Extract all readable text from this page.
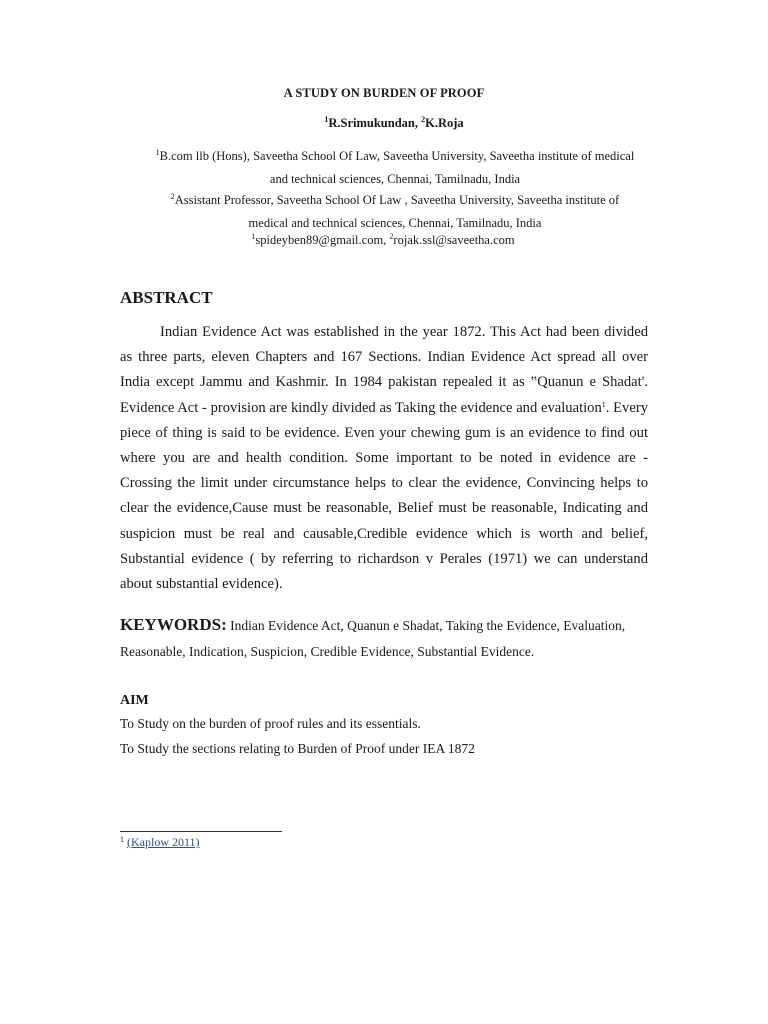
A STUDY ON BURDEN OF PROOF
$^1$R.Srimukundan, $^2$K.Roja
$^1$B.com llb (Hons), Saveetha School Of Law, Saveetha University, Saveetha institute of medical
and technical sciences, Chennai, Tamilnadu, India
$^2$Assistant Professor, Saveetha School Of Law , Saveetha University, Saveetha institute of
medical and technical sciences, Chennai, Tamilnadu, India
$^1$spideyben89@gmail.com, $^2$rojak.ssl@saveetha.com
ABSTRACT
Indian Evidence Act was established in the year 1872. This Act had been divided as three parts, eleven Chapters and 167 Sections. Indian Evidence Act spread all over India except Jammu and Kashmir. In 1984 pakistan repealed it as ‟Quanun e Shadat'. Evidence Act - provision are kindly divided as Taking the evidence and evaluation$^1$. Every piece of thing is said to be evidence. Even your chewing gum is an evidence to find out where you are and health condition. Some important to be noted in evidence are - Crossing the limit under circumstance helps to clear the evidence, Convincing helps to clear the evidence,Cause must be reasonable, Belief must be reasonable, Indicating and suspicion must be real and causable,Credible evidence which is worth and belief, Substantial evidence ( by referring to richardson v Perales (1971) we can understand about substantial evidence).
KEYWORDS: Indian Evidence Act, Quanun e Shadat, Taking the Evidence, Evaluation, Reasonable, Indication, Suspicion, Credible Evidence, Substantial Evidence.
AIM
To Study on the burden of proof rules and its essentials.
To Study the sections relating to Burden of Proof under IEA 1872
$^1$ (Kaplow 2011)
